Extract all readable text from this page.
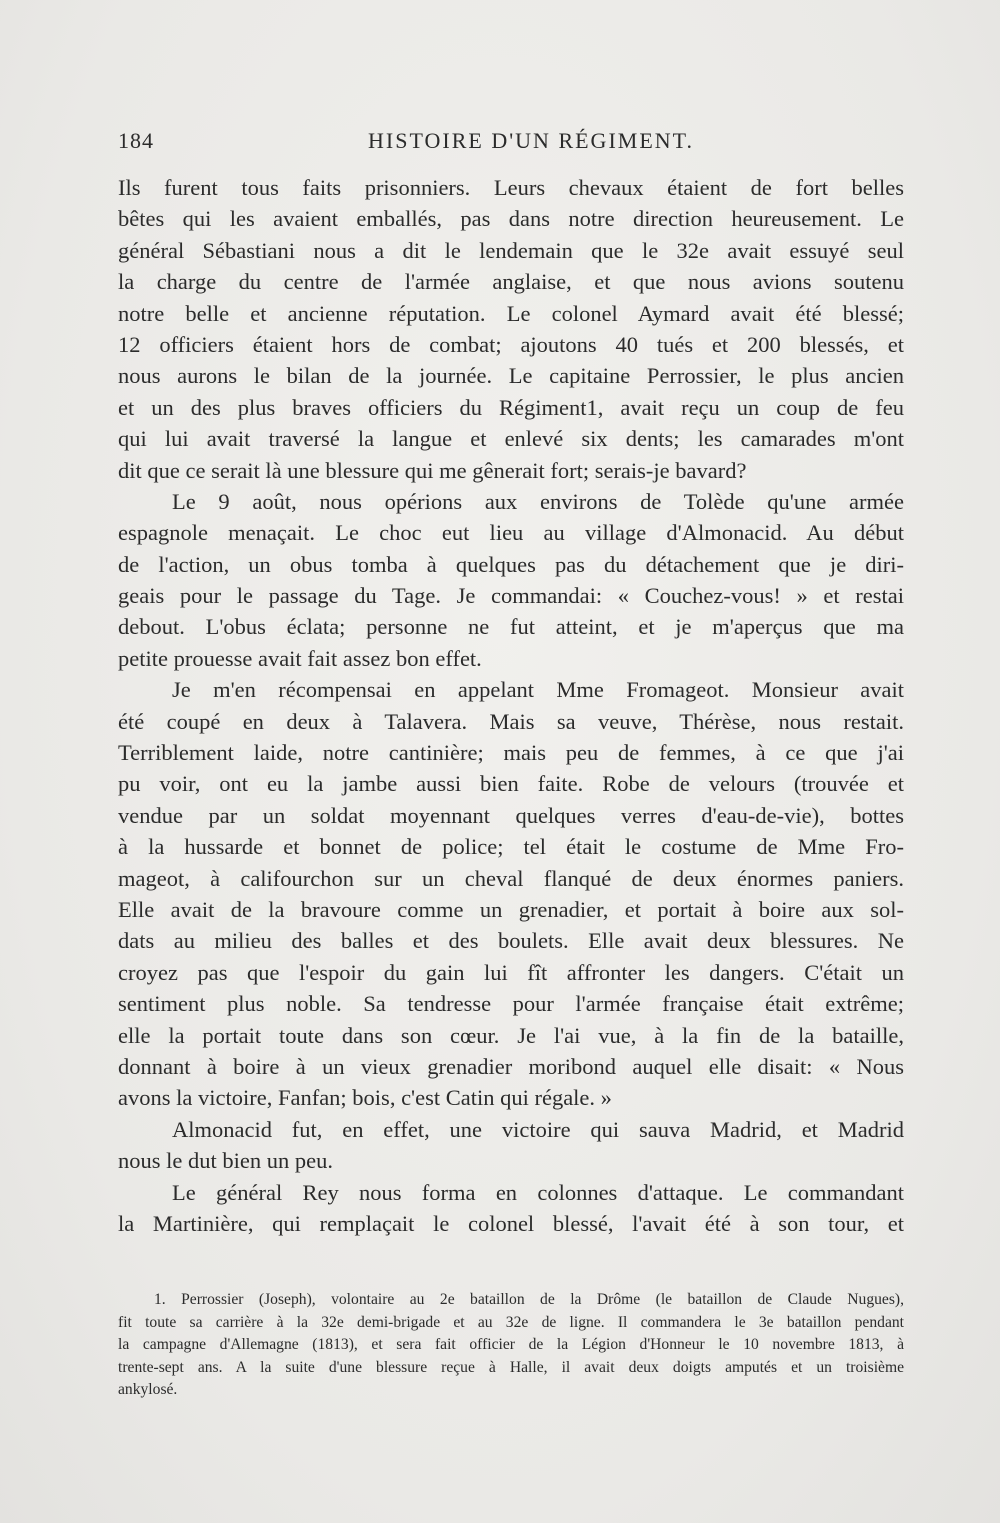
184	HISTOIRE D'UN RÉGIMENT.
Ils furent tous faits prisonniers. Leurs chevaux étaient de fort belles
bêtes qui les avaient emballés, pas dans notre direction heureusement. Le
général Sébastiani nous a dit le lendemain que le 32e avait essuyé seul
la charge du centre de l'armée anglaise, et que nous avions soutenu
notre belle et ancienne réputation. Le colonel Aymard avait été blessé;
12 officiers étaient hors de combat; ajoutons 40 tués et 200 blessés, et
nous aurons le bilan de la journée. Le capitaine Perrossier, le plus ancien
et un des plus braves officiers du Régiment1, avait reçu un coup de feu
qui lui avait traversé la langue et enlevé six dents; les camarades m'ont
dit que ce serait là une blessure qui me gênerait fort; serais-je bavard?
Le 9 août, nous opérions aux environs de Tolède qu'une armée
espagnole menaçait. Le choc eut lieu au village d'Almonacid. Au début
de l'action, un obus tomba à quelques pas du détachement que je diri-
geais pour le passage du Tage. Je commandai: « Couchez-vous! » et restai
debout. L'obus éclata; personne ne fut atteint, et je m'aperçus que ma
petite prouesse avait fait assez bon effet.
Je m'en récompensai en appelant Mme Fromageot. Monsieur avait
été coupé en deux à Talavera. Mais sa veuve, Thérèse, nous restait.
Terriblement laide, notre cantinière; mais peu de femmes, à ce que j'ai
pu voir, ont eu la jambe aussi bien faite. Robe de velours (trouvée et
vendue par un soldat moyennant quelques verres d'eau-de-vie), bottes
à la hussarde et bonnet de police; tel était le costume de Mme Fro-
mageot, à califourchon sur un cheval flanqué de deux énormes paniers.
Elle avait de la bravoure comme un grenadier, et portait à boire aux sol-
dats au milieu des balles et des boulets. Elle avait deux blessures. Ne
croyez pas que l'espoir du gain lui fît affronter les dangers. C'était un
sentiment plus noble. Sa tendresse pour l'armée française était extrême;
elle la portait toute dans son cœur. Je l'ai vue, à la fin de la bataille,
donnant à boire à un vieux grenadier moribond auquel elle disait: « Nous
avons la victoire, Fanfan; bois, c'est Catin qui régale. »
Almonacid fut, en effet, une victoire qui sauva Madrid, et Madrid
nous le dut bien un peu.
Le général Rey nous forma en colonnes d'attaque. Le commandant
la Martinière, qui remplaçait le colonel blessé, l'avait été à son tour, et
1. Perrossier (Joseph), volontaire au 2e bataillon de la Drôme (le bataillon de Claude Nugues),
fit toute sa carrière à la 32e demi-brigade et au 32e de ligne. Il commandera le 3e bataillon pendant
la campagne d'Allemagne (1813), et sera fait officier de la Légion d'Honneur le 10 novembre 1813, à
trente-sept ans. A la suite d'une blessure reçue à Halle, il avait deux doigts amputés et un troisième
ankylosé.
